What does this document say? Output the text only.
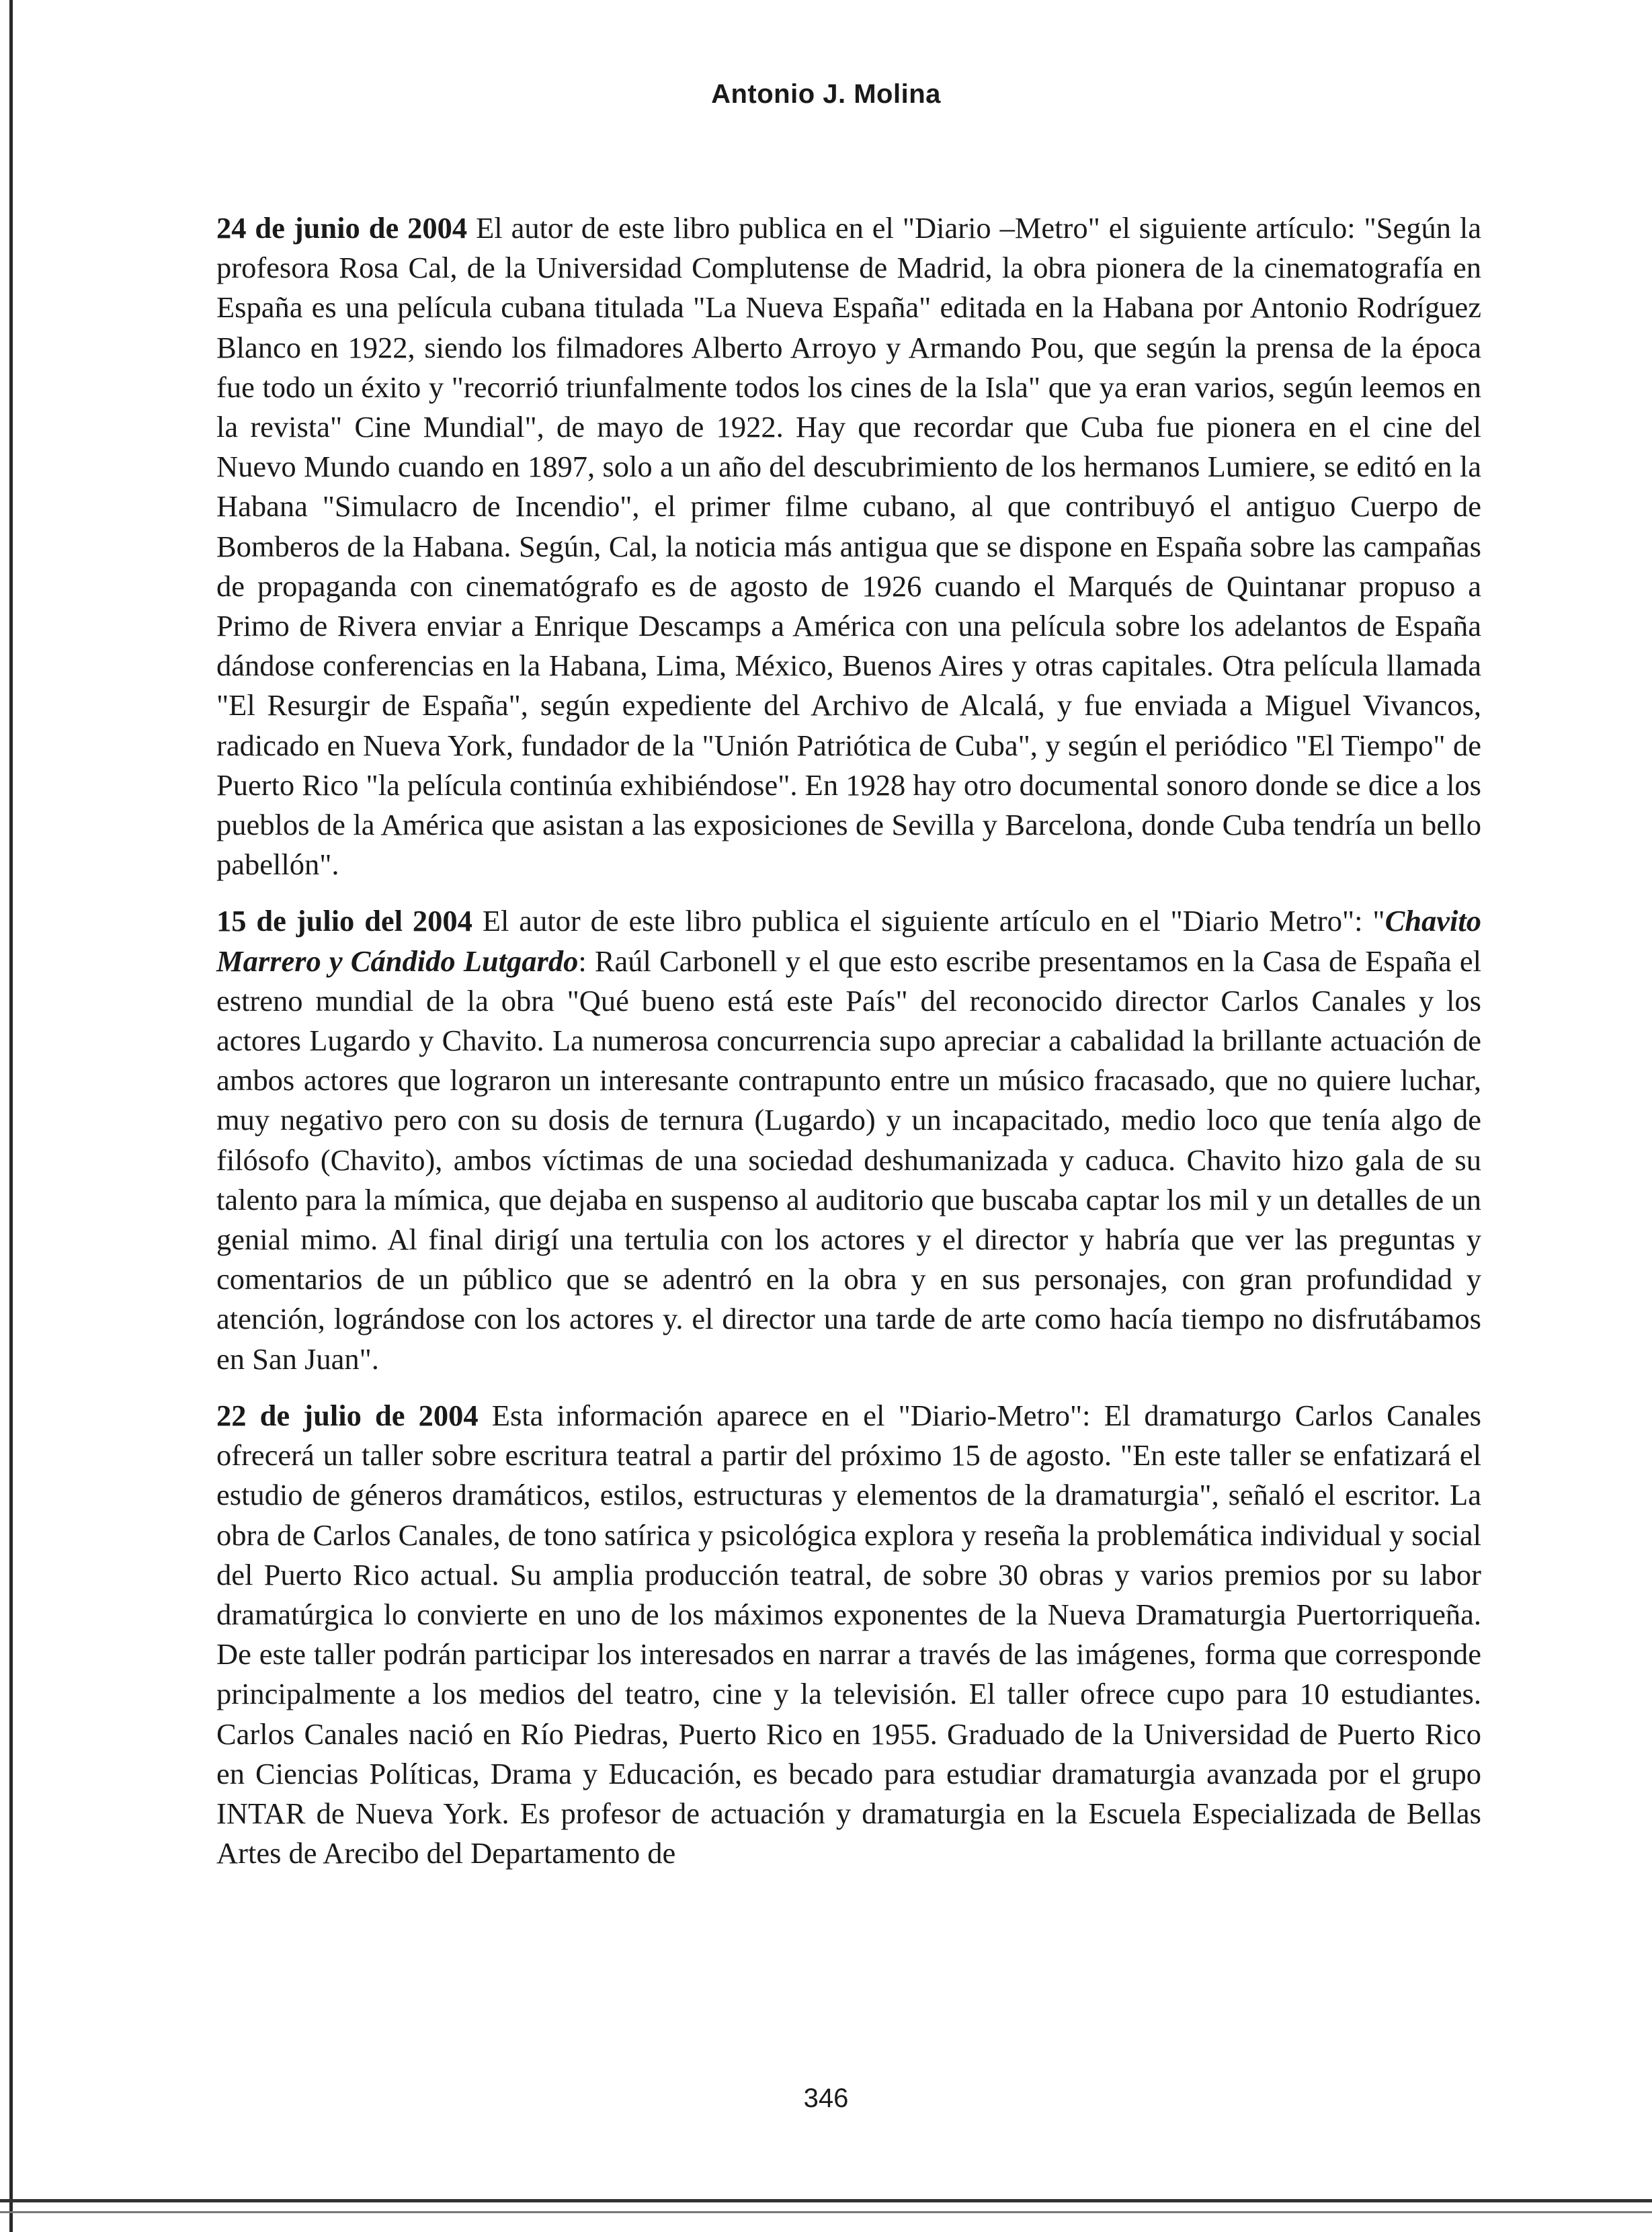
Antonio J. Molina

24 de junio de 2004 El autor de este libro publica en el "Diario –Metro" el siguiente artículo: "Según la profesora Rosa Cal, de la Universidad Complutense de Madrid, la obra pionera de la cinematografía en España es una película cubana titulada "La Nueva España" editada en la Habana por Antonio Rodríguez Blanco en 1922, siendo los filmadores Alberto Arroyo y Armando Pou, que según la prensa de la época fue todo un éxito y "recorrió triunfalmente todos los cines de la Isla" que ya eran varios, según leemos en la revista" Cine Mundial", de mayo de 1922. Hay que recordar que Cuba fue pionera en el cine del Nuevo Mundo cuando en 1897, solo a un año del descubrimiento de los hermanos Lumiere, se editó en la Habana "Simulacro de Incendio", el primer filme cubano, al que contribuyó el antiguo Cuerpo de Bomberos de la Habana. Según, Cal, la noticia más antigua que se dispone en España sobre las campañas de propaganda con cinematógrafo es de agosto de 1926 cuando el Marqués de Quintanar propuso a Primo de Rivera enviar a Enrique Descamps a América con una película sobre los adelantos de España dándose conferencias en la Habana, Lima, México, Buenos Aires y otras capitales. Otra película llamada "El Resurgir de España", según expediente del Archivo de Alcalá, y fue enviada a Miguel Vivancos, radicado en Nueva York, fundador de la "Unión Patriótica de Cuba", y según el periódico "El Tiempo" de Puerto Rico "la película continúa exhibiéndose". En 1928 hay otro documental sonoro donde se dice a los pueblos de la América que asistan a las exposiciones de Sevilla y Barcelona, donde Cuba tendría un bello pabellón".

15 de julio del 2004 El autor de este libro publica el siguiente artículo en el "Diario Metro": "Chavito Marrero y Cándido Lutgardo: Raúl Carbonell y el que esto escribe presentamos en la Casa de España el estreno mundial de la obra "Qué bueno está este País" del reconocido director Carlos Canales y los actores Lugardo y Chavito. La numerosa concurrencia supo apreciar a cabalidad la brillante actuación de ambos actores que lograron un interesante contrapunto entre un músico fracasado, que no quiere luchar, muy negativo pero con su dosis de ternura (Lugardo) y un incapacitado, medio loco que tenía algo de filósofo (Chavito), ambos víctimas de una sociedad deshumanizada y caduca. Chavito hizo gala de su talento para la mímica, que dejaba en suspenso al auditorio que buscaba captar los mil y un detalles de un genial mimo. Al final dirigí una tertulia con los actores y el director y habría que ver las preguntas y comentarios de un público que se adentró en la obra y en sus personajes, con gran profundidad y atención, lográndose con los actores y. el director una tarde de arte como hacía tiempo no disfrutábamos en San Juan".

22 de julio de 2004 Esta información aparece en el "Diario-Metro": El dramaturgo Carlos Canales ofrecerá un taller sobre escritura teatral a partir del próximo 15 de agosto. "En este taller se enfatizará el estudio de géneros dramáticos, estilos, estructuras y elementos de la dramaturgia", señaló el escritor. La obra de Carlos Canales, de tono satírica y psicológica explora y reseña la problemática individual y social del Puerto Rico actual. Su amplia producción teatral, de sobre 30 obras y varios premios por su labor dramatúrgica lo convierte en uno de los máximos exponentes de la Nueva Dramaturgia Puertorriqueña. De este taller podrán participar los interesados en narrar a través de las imágenes, forma que corresponde principalmente a los medios del teatro, cine y la televisión. El taller ofrece cupo para 10 estudiantes. Carlos Canales nació en Río Piedras, Puerto Rico en 1955. Graduado de la Universidad de Puerto Rico en Ciencias Políticas, Drama y Educación, es becado para estudiar dramaturgia avanzada por el grupo INTAR de Nueva York. Es profesor de actuación y dramaturgia en la Escuela Especializada de Bellas Artes de Arecibo del Departamento de

346
